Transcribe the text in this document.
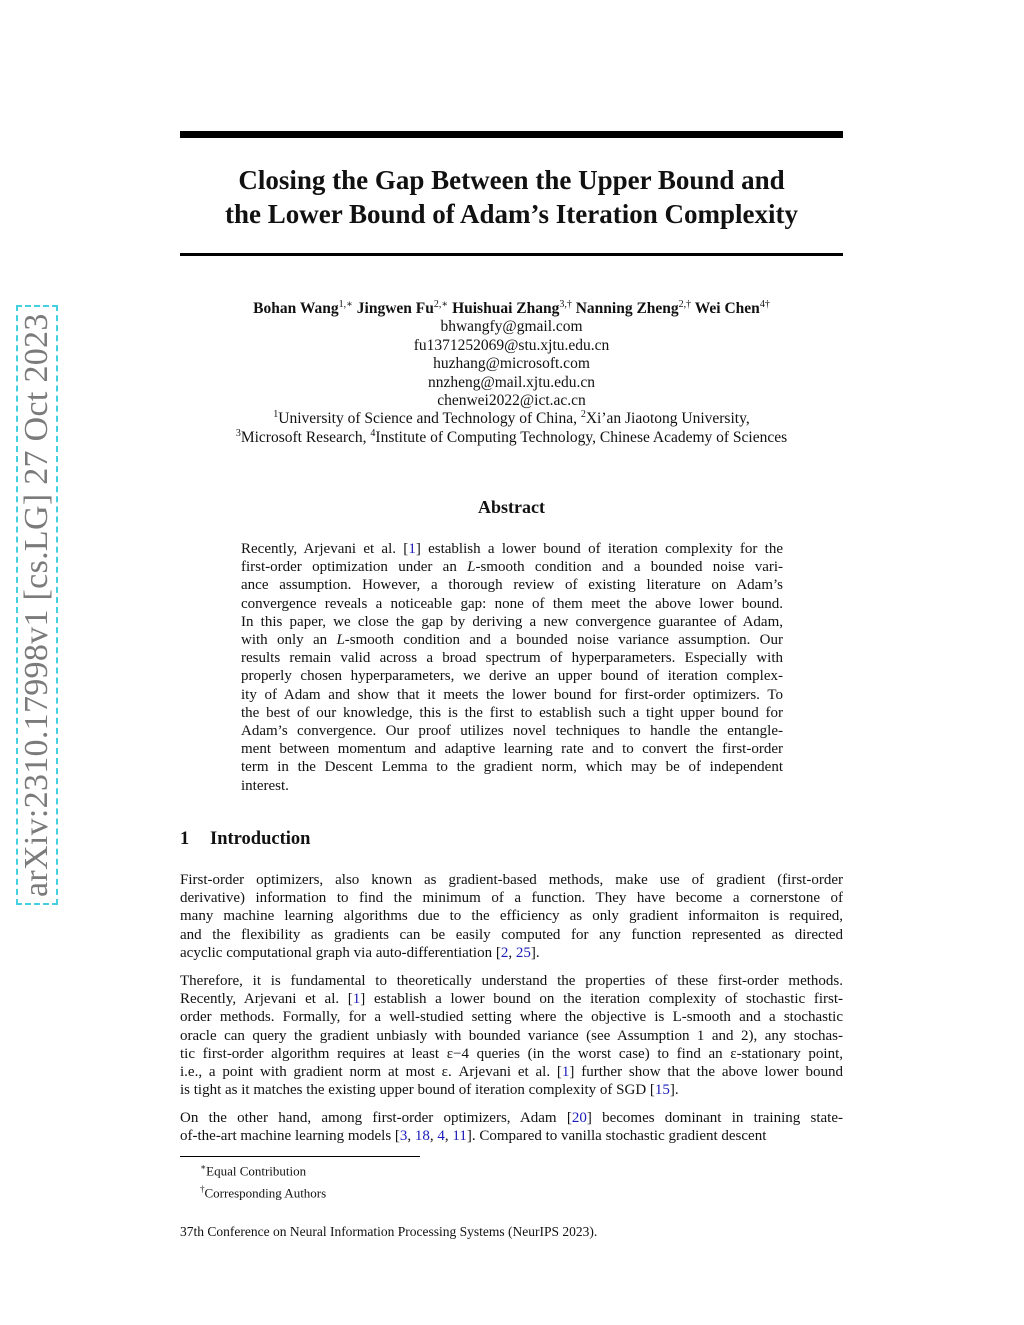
arXiv:2310.17998v1 [cs.LG] 27 Oct 2023
Closing the Gap Between the Upper Bound and
the Lower Bound of Adam’s Iteration Complexity
Bohan Wang$^{1,∗}$ Jingwen $Fu^{2,∗}$ Huishuai Zhang$^{3,\dagger}$ Nanning Zheng$^{2,\dagger}$ Wei Chen$^{4\dagger}$
bhwangfy@gmail.com
fu1371252069@stu.xjtu.edu.cn
huzhang@microsoft.com
nnzheng@mail.xjtu.edu.cn
chenwei2022@ict.ac.cn
$^1$University of Science and Technology of China, $^2$Xi’an Jiaotong University,
$^3$Microsoft Research, $^4$Institute of Computing Technology, Chinese Academy of Sciences
Abstract
Recently, Arjevani et al. [1] establish a lower bound of iteration complexity for the
first-order optimization under an L-smooth condition and a bounded noise vari-
ance assumption. However, a thorough review of existing literature on Adam’s
convergence reveals a noticeable gap: none of them meet the above lower bound.
In this paper, we close the gap by deriving a new convergence guarantee of Adam,
with only an L-smooth condition and a bounded noise variance assumption. Our
results remain valid across a broad spectrum of hyperparameters. Especially with
properly chosen hyperparameters, we derive an upper bound of iteration complex-
ity of Adam and show that it meets the lower bound for first-order optimizers. To
the best of our knowledge, this is the first to establish such a tight upper bound for
Adam’s convergence. Our proof utilizes novel techniques to handle the entangle-
ment between momentum and adaptive learning rate and to convert the first-order
term in the Descent Lemma to the gradient norm, which may be of independent
interest.
1 Introduction
First-order optimizers, also known as gradient-based methods, make use of gradient (first-order
derivative) information to find the minimum of a function. They have become a cornerstone of
many machine learning algorithms due to the efficiency as only gradient informaiton is required,
and the flexibility as gradients can be easily computed for any function represented as directed
acyclic computational graph via auto-differentiation [2, 25].
Therefore, it is fundamental to theoretically understand the properties of these first-order methods.
Recently, Arjevani et al. [1] establish a lower bound on the iteration complexity of stochastic first-
order methods. Formally, for a well-studied setting where the objective is L-smooth and a stochastic
oracle can query the gradient unbiasly with bounded variance (see Assumption 1 and 2), any stochas-
tic first-order algorithm requires at least ε−4 queries (in the worst case) to find an ε-stationary point,
i.e., a point with gradient norm at most ε. Arjevani et al. [1] further show that the above lower bound
is tight as it matches the existing upper bound of iteration complexity of SGD [15].
On the other hand, among first-order optimizers, Adam [20] becomes dominant in training state-
of-the-art machine learning models [3, 18, 4, 11]. Compared to vanilla stochastic gradient descent
∗Equal Contribution
†Corresponding Authors
37th Conference on Neural Information Processing Systems (NeurIPS 2023).
